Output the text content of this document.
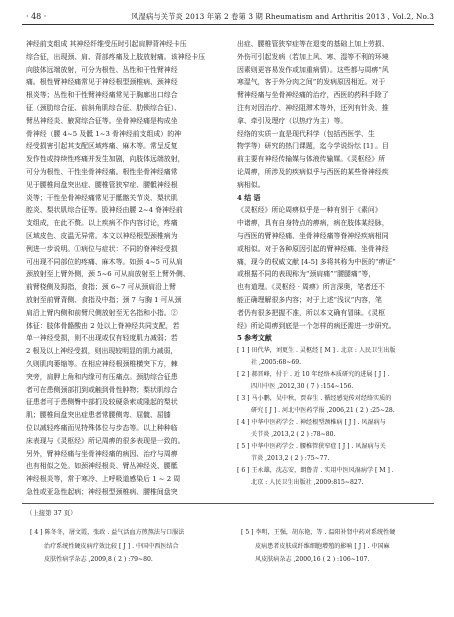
· 48 ·	风湿病与关节炎 2013 年第 2 卷第 3 期 Rheumatism and Arthritis 2013 , Vol.2, No.3
神经前支组成 其神经纤维受压时引起肩胛背神经卡压
综合征，出现颈、肩、背部疼痛及上肢放射痛。该神经卡压
向肢体远端放射，可分为根性、丛性和干性臂神经
痛。根性臂神经痛常见于神经根型颈椎病、颈神经
根炎等；丛性和干性臂神经痛常见于胸廓出口综合
征（颈肋综合征、前斜角肌综合征、肋锁综合征）、
臂丛神经炎、腋窝综合征等。坐骨神经痛是构成坐
骨神经（腰 4~5 及骶 1~3 骨神经前支组成）的神
经受损害引起其支配区域疼痛、麻木等。常呈反复
发作性或持续性疼痛并发生加剧，向肢体远端放射，
可分为根性、干性坐骨神经痛。根性坐骨神经痛常
见于腰椎间盘突出症、腰椎管狭窄症、腰骶神经根
炎等；干性坐骨神经痛常见于骶髂关节炎、梨状肌
腔炎、梨状肌综合征等。股神经由腰 2~4 脊神经前
支组成，在此不赘。以上疾病不作内容讨论，疼痛
区域皮色、皮温无异常。本文以神经根型颈椎病为
例进一步说明。①病位与症状：不同的脊神经受损
可出现不同部位的疼痛、麻木等。如颈 4~5 可从肩
颈放射至上臂外侧，颈 5~6 可从肩放射至上臂外侧、
前臂桡侧及拇指，食指；颈 6~7 可从颈肩沿上臂
放射至前臂背侧、食指及中指；颈 7 与胸 1 可从颈
肩沿上臂内侧和前臂尺侧放射至无名指和小指。②
体征：肢体骨骼酸由 2 处以上脊神经共同支配，若
单一神经受损，则不出现或仅有轻度肌力减弱；若
2 根及以上神经受损，则出现较明显的肌力减弱，
久则肌肉萎缩等。在相应神经根颈椎横突下方，棘
突旁，肩胛上角和内缘可有压痛点。颈肋综合征患
者可在患侧颈部扪到或触到骨性肿物；梨状肌综合
征患者可于患侧臀中部扪及较硬条索或隆起的梨状
肌；腰椎间盘突出症患者常腰侧弯、屈髋、屈膝
位以减轻疼痛而见特殊体位与步态等。以上种种临
床表现与《灵枢经》所记周痹的很多表现是一致的。
另外，臂神经痛与坐骨神经痛的病因、治疗与周痹
也有相似之处。如颈神经根炎、臂丛神经炎、腰骶
神经根炎等，常于寒冷、上呼吸道感染后 1 ~ 2 周
急性或亚急性起病；神经根型颈椎病、腰椎间盘突
出症、腰椎管狭窄症等在退变的基础上加上劳损、
外伤可引起发病（若加上风、寒、湿等不利的环境
因素则更容易发作或加重病情）。这些都与周痹“风
寒湿气，客于外分肉之间”的发病原因相近。对于
臂神经痛与坐骨神经痛的治疗，西医的药科手除了
注有对因治疗、神经阻滞术等外，还列有针灸、推
拿、牵引及理疗（以热疗为主）等。
经络的实质一直是现代科学（包括西医学、生
物学等）研究的热门课题，迄今学说纷纭 [1] 。目
前主要有神经传输媒与体液传输媒。《灵枢经》所
论周痹，所涉及的疾病似乎与西医的某些脊神经疾
病相似。
4 结 语
《灵枢经》所论周痹似乎是一种有别于《素问》
中诸痹，具有自身特点的痹病，病在肢体某经脉，
与西医的臂神经痛、坐骨神经痛等脊神经疾病相同
或相似。对于各种原因引起的臂神经痛、坐骨神经
痛，现今的权威文献 [4-5] 多将其称为中医的“痹证”
或根据不同的表现称为“颈肩痛”“腰腿痛”等，
也有道理。《灵枢经 · 周痹》所言深奥，笔者还不
能正确理解很多内容；对于上述“浅议”内容，笔
者仍有很多把握不准，所以本文确有冒昧。《灵枢
经》所论周痹到底是一个怎样的病还需进一步研究。
5 参考文献
[ 1 ] 田代华，刘更生 . 灵枢经 [ M ] . 北京 : 人民卫生出版
社 ,2005:68~69.
[ 2 ] 郝晋峰，付于 . 近 10 年经络本质研究的进展 [ J ] .
四川中医 ,2012,30 ( 7 ) :154~156.
[ 3 ] 马小鹏，吴中秋，贾春生 . 循经感觉传对经络实质的
研究 [ J ] . 河北中医药学报 ,2006,21 ( 2 ) :25~28.
[ 4 ] 中华中医药学会 . 神经根型颈椎病 [ J ] . 风湿病与
关节炎 ,2013,2 ( 2 ) :78~80.
[ 5 ] 中华中医药学会 . 腰椎管狭窄症 [ J ] . 风湿病与关
节炎 ,2013,2 ( 2 ) :75~77.
[ 6 ] 王永雄，沈志安，朗鲁青 . 实用中医风湿病学 [ M ] .
北京 : 人民卫生出版社 ,2009:815~827.
（上接第 37 页）
[ 4 ] 陈冬冬，屠文霞，张政 . 益气活血方煎熬法与口服法
治疗系统性硬皮病疗效比较 [ J ] . 中国中西医结合
皮肤性病学杂志 ,2009,8 ( 2 ) :79~80.
[ 5 ] 李明，王强，胡东艳，等 . 温阳补肾中药对系统性硬
皮病患者皮肤成纤维细胞增殖的影响 [ J ] . 中国麻
风皮肤病杂志 ,2000,16 ( 2 ) :106~107.
